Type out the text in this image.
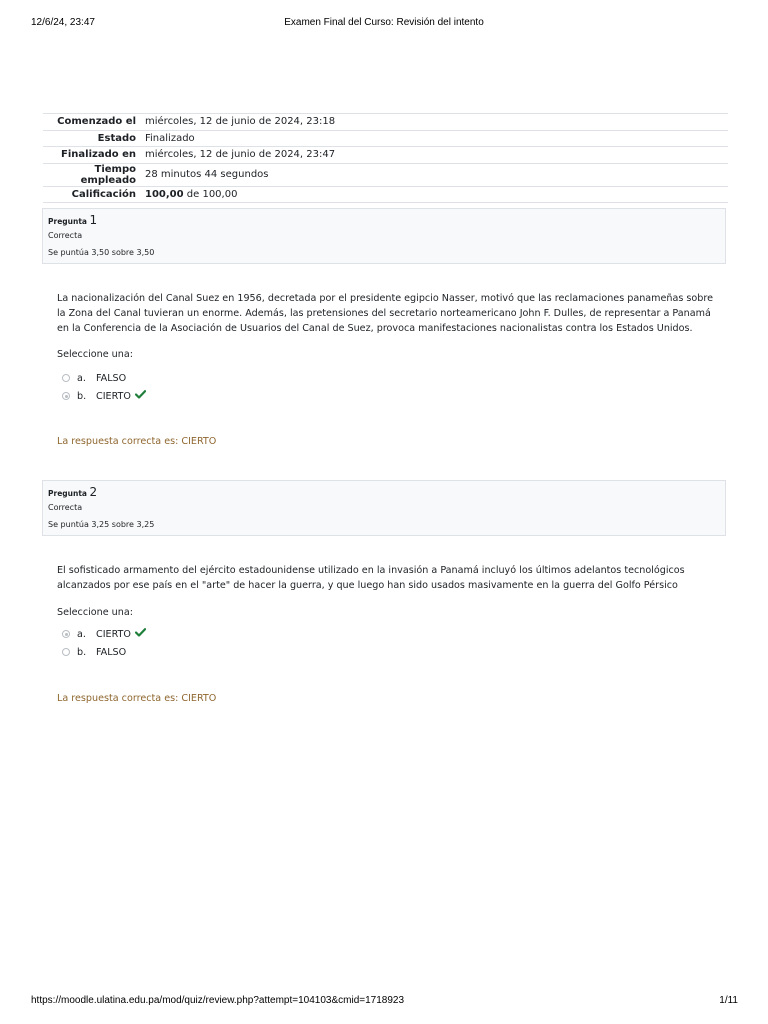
12/6/24, 23:47	Examen Final del Curso: Revisión del intento
Comenzado el	miércoles, 12 de junio de 2024, 23:18
Estado	Finalizado
Finalizado en	miércoles, 12 de junio de 2024, 23:47
Tiempo empleado	28 minutos 44 segundos
Calificación	100,00 de 100,00
Pregunta 1
Correcta
Se puntúa 3,50 sobre 3,50
La nacionalización del Canal Suez en 1956, decretada por el presidente egipcio Nasser, motivó que las reclamaciones panameñas sobre la Zona del Canal tuvieran un enorme. Además, las pretensiones del secretario norteamericano John F. Dulles, de representar a Panamá en la Conferencia de la Asociación de Usuarios del Canal de Suez, provoca manifestaciones nacionalistas contra los Estados Unidos.
Seleccione una:
a.	FALSO
b.	CIERTO
La respuesta correcta es: CIERTO
Pregunta 2
Correcta
Se puntúa 3,25 sobre 3,25
El sofisticado armamento del ejército estadounidense utilizado en la invasión a Panamá incluyó los últimos adelantos tecnológicos alcanzados por ese país en el "arte" de hacer la guerra, y que luego han sido usados masivamente en la guerra del Golfo Pérsico
Seleccione una:
a.	CIERTO
b.	FALSO
La respuesta correcta es: CIERTO
https://moodle.ulatina.edu.pa/mod/quiz/review.php?attempt=104103&cmid=1718923	1/11
